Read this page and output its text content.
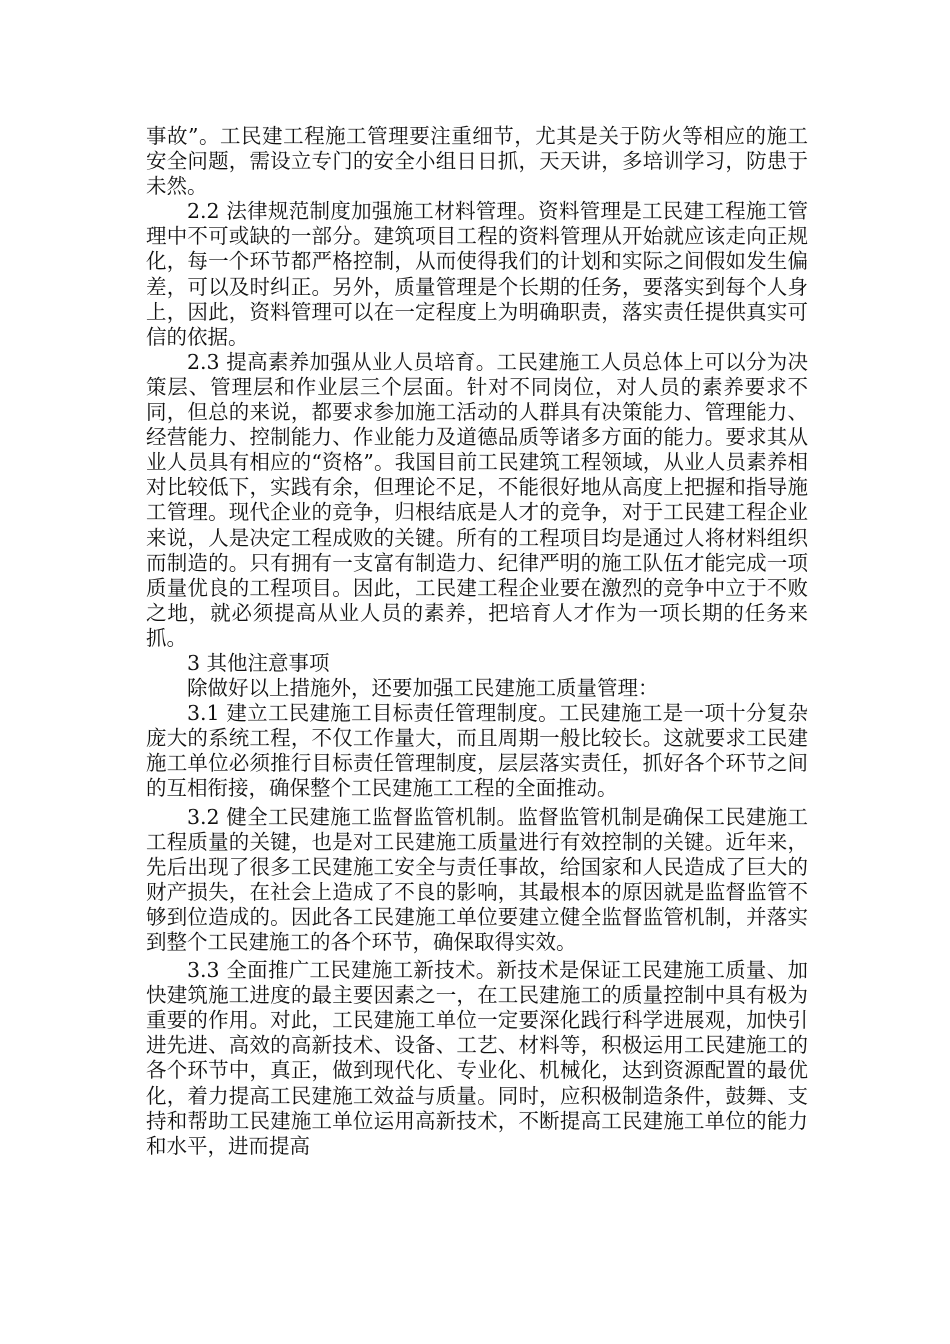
事故”。工民建工程施工管理要注重细节，尤其是关于防火等相应的施工安全问题，需设立专门的安全小组日日抓，天天讲，多培训学习，防患于未然。

2.2 法律规范制度加强施工材料管理。资料管理是工民建工程施工管理中不可或缺的一部分。建筑项目工程的资料管理从开始就应该走向正规化，每一个环节都严格控制，从而使得我们的计划和实际之间假如发生偏差，可以及时纠正。另外，质量管理是个长期的任务，要落实到每个人身上，因此，资料管理可以在一定程度上为明确职责，落实责任提供真实可信的依据。

2.3 提高素养加强从业人员培育。工民建施工人员总体上可以分为决策层、管理层和作业层三个层面。针对不同岗位，对人员的素养要求不同，但总的来说，都要求参加施工活动的人群具有决策能力、管理能力、经营能力、控制能力、作业能力及道德品质等诸多方面的能力。要求其从业人员具有相应的“资格”。我国目前工民建筑工程领域，从业人员素养相对比较低下，实践有余，但理论不足，不能很好地从高度上把握和指导施工管理。现代企业的竞争，归根结底是人才的竞争，对于工民建工程企业来说，人是决定工程成败的关键。所有的工程项目均是通过人将材料组织而制造的。只有拥有一支富有制造力、纪律严明的施工队伍才能完成一项质量优良的工程项目。因此，工民建工程企业要在激烈的竞争中立于不败之地，就必须提高从业人员的素养，把培育人才作为一项长期的任务来抓。

3 其他注意事项

除做好以上措施外，还要加强工民建施工质量管理：

3.1 建立工民建施工目标责任管理制度。工民建施工是一项十分复杂庞大的系统工程，不仅工作量大，而且周期一般比较长。这就要求工民建施工单位必须推行目标责任管理制度，层层落实责任，抓好各个环节之间的互相衔接，确保整个工民建施工工程的全面推动。

3.2 健全工民建施工监督监管机制。监督监管机制是确保工民建施工工程质量的关键，也是对工民建施工质量进行有效控制的关键。近年来，先后出现了很多工民建施工安全与责任事故，给国家和人民造成了巨大的财产损失，在社会上造成了不良的影响，其最根本的原因就是监督监管不够到位造成的。因此各工民建施工单位要建立健全监督监管机制，并落实到整个工民建施工的各个环节，确保取得实效。

3.3 全面推广工民建施工新技术。新技术是保证工民建施工质量、加快建筑施工进度的最主要因素之一，在工民建施工的质量控制中具有极为重要的作用。对此，工民建施工单位一定要深化践行科学进展观，加快引进先进、高效的高新技术、设备、工艺、材料等，积极运用工民建施工的各个环节中，真正，做到现代化、专业化、机械化，达到资源配置的最优化，着力提高工民建施工效益与质量。同时，应积极制造条件，鼓舞、支持和帮助工民建施工单位运用高新技术，不断提高工民建施工单位的能力和水平，进而提高
